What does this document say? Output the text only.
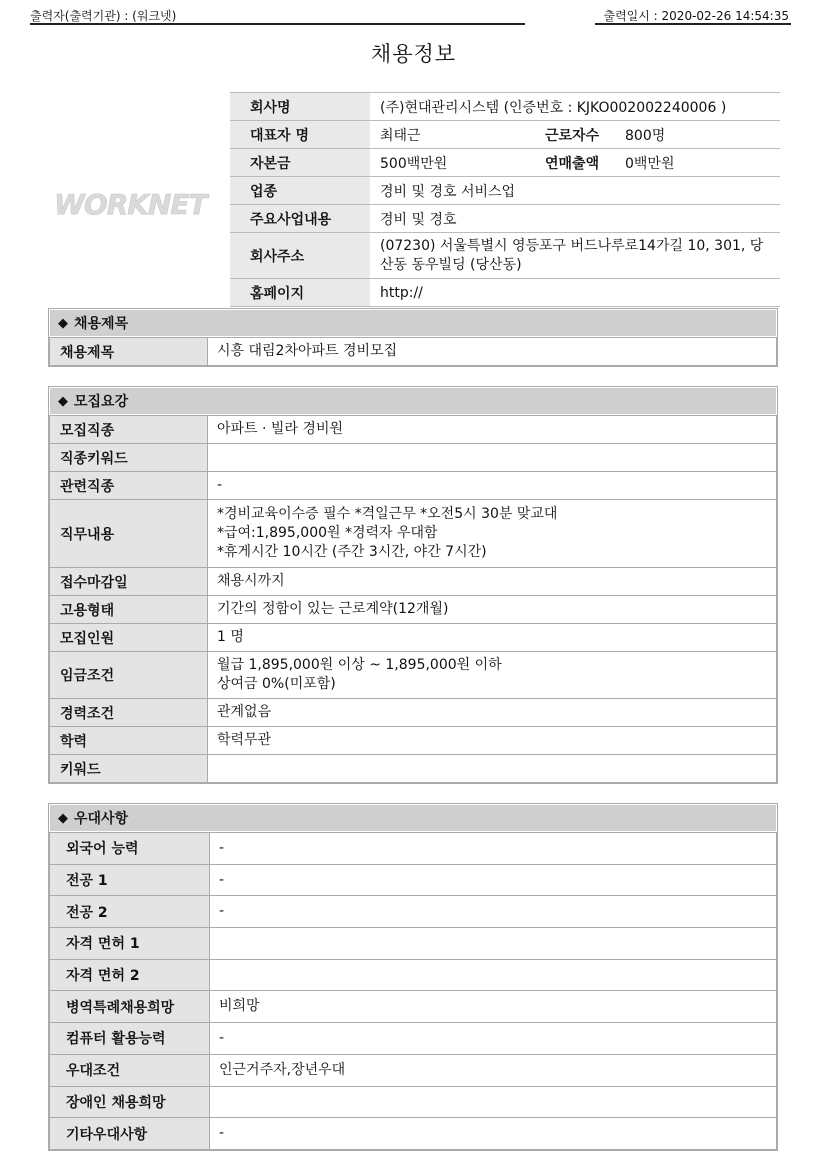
출력자(출력기관) : (워크넷)	출력일시 : 2020-02-26 14:54:35
채용정보
WORKNET
회사명	(주)현대관리시스템 (인증번호 : KJKO002002240006 )		
대표자 명	최태근	근로자수	800명
자본금	500백만원	연매출액	0백만원
업종	경비 및 경호 서비스업		
주요사업내용	경비 및 경호		
회사주소	(07230) 서울특별시 영등포구 버드나루로14가길 10, 301, 당산동 동우빌딩 (당산동)		
홈페이지	http://		
◆ 채용제목
채용제목	시흥 대림2차아파트 경비모집
◆ 모집요강
모집직종	아파트 · 빌라 경비원
직종키워드	
관련직종	-
직무내용	*경비교육이수증 필수 *격일근무 *오전5시 30분 맞교대
*급여:1,895,000원 *경력자 우대함
*휴게시간 10시간 (주간 3시간, 야간 7시간)

접수마감일	채용시까지
고용형태	기간의 정함이 있는 근로계약(12개월)
모집인원	1 명
임금조건	월급 1,895,000원 이상 ~ 1,895,000원 이하
상여금 0%(미포함)

경력조건	관계없음
학력	학력무관
키워드	
◆ 우대사항
외국어 능력	-
전공 1	-
전공 2	-
자격 면허 1	
자격 면허 2	
병역특례채용희망	비희망
컴퓨터 활용능력	-
우대조건	인근거주자,장년우대
장애인 채용희망	
기타우대사항	-
